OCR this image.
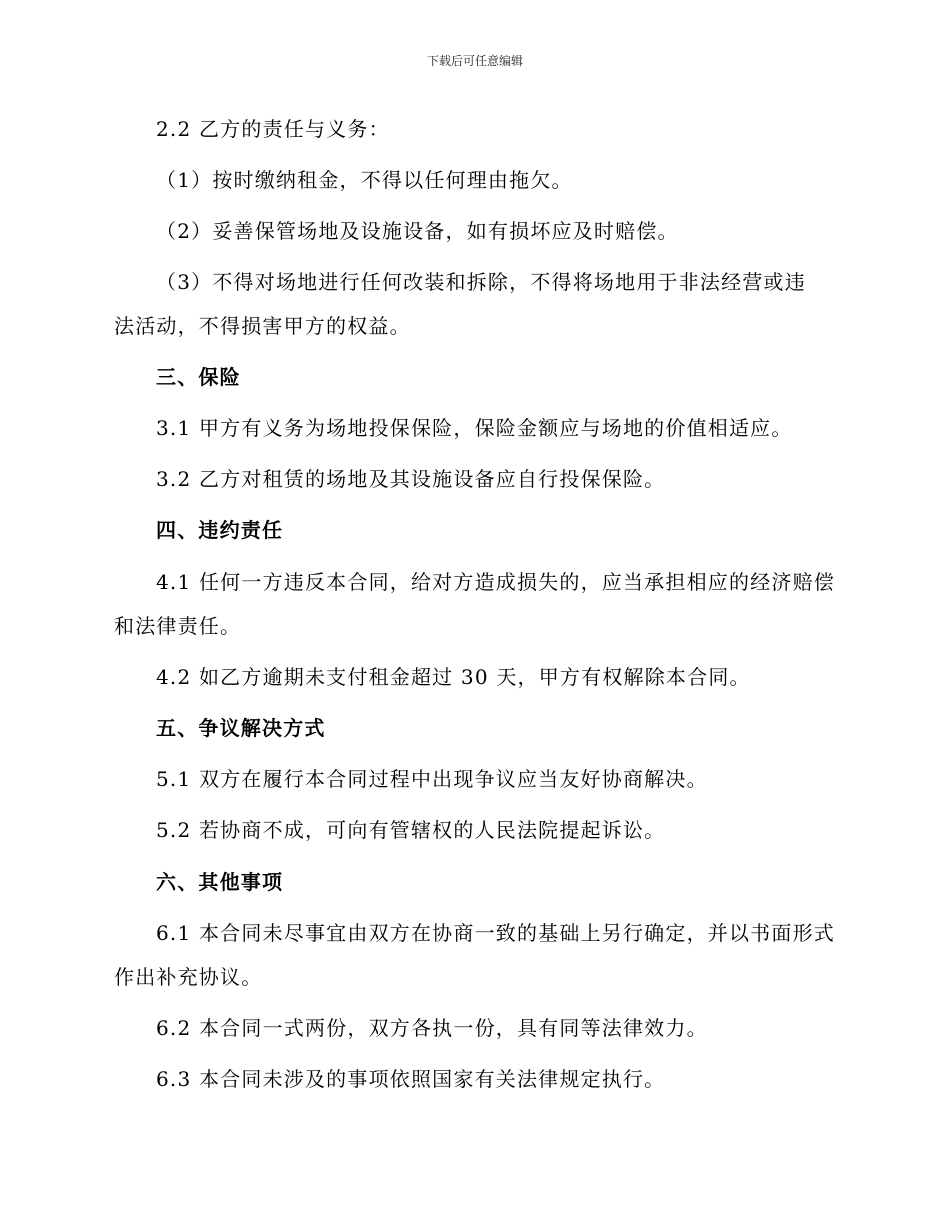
下载后可任意编辑
2.2 乙方的责任与义务：
（1）按时缴纳租金，不得以任何理由拖欠。
（2）妥善保管场地及设施设备，如有损坏应及时赔偿。
（3）不得对场地进行任何改装和拆除，不得将场地用于非法经营或违
法活动，不得损害甲方的权益。
三、保险
3.1 甲方有义务为场地投保保险，保险金额应与场地的价值相适应。
3.2 乙方对租赁的场地及其设施设备应自行投保保险。
四、违约责任
4.1 任何一方违反本合同，给对方造成损失的，应当承担相应的经济赔偿
和法律责任。
4.2 如乙方逾期未支付租金超过 30 天，甲方有权解除本合同。
五、争议解决方式
5.1 双方在履行本合同过程中出现争议应当友好协商解决。
5.2 若协商不成，可向有管辖权的人民法院提起诉讼。
六、其他事项
6.1 本合同未尽事宜由双方在协商一致的基础上另行确定，并以书面形式
作出补充协议。
6.2 本合同一式两份，双方各执一份，具有同等法律效力。
6.3 本合同未涉及的事项依照国家有关法律规定执行。
